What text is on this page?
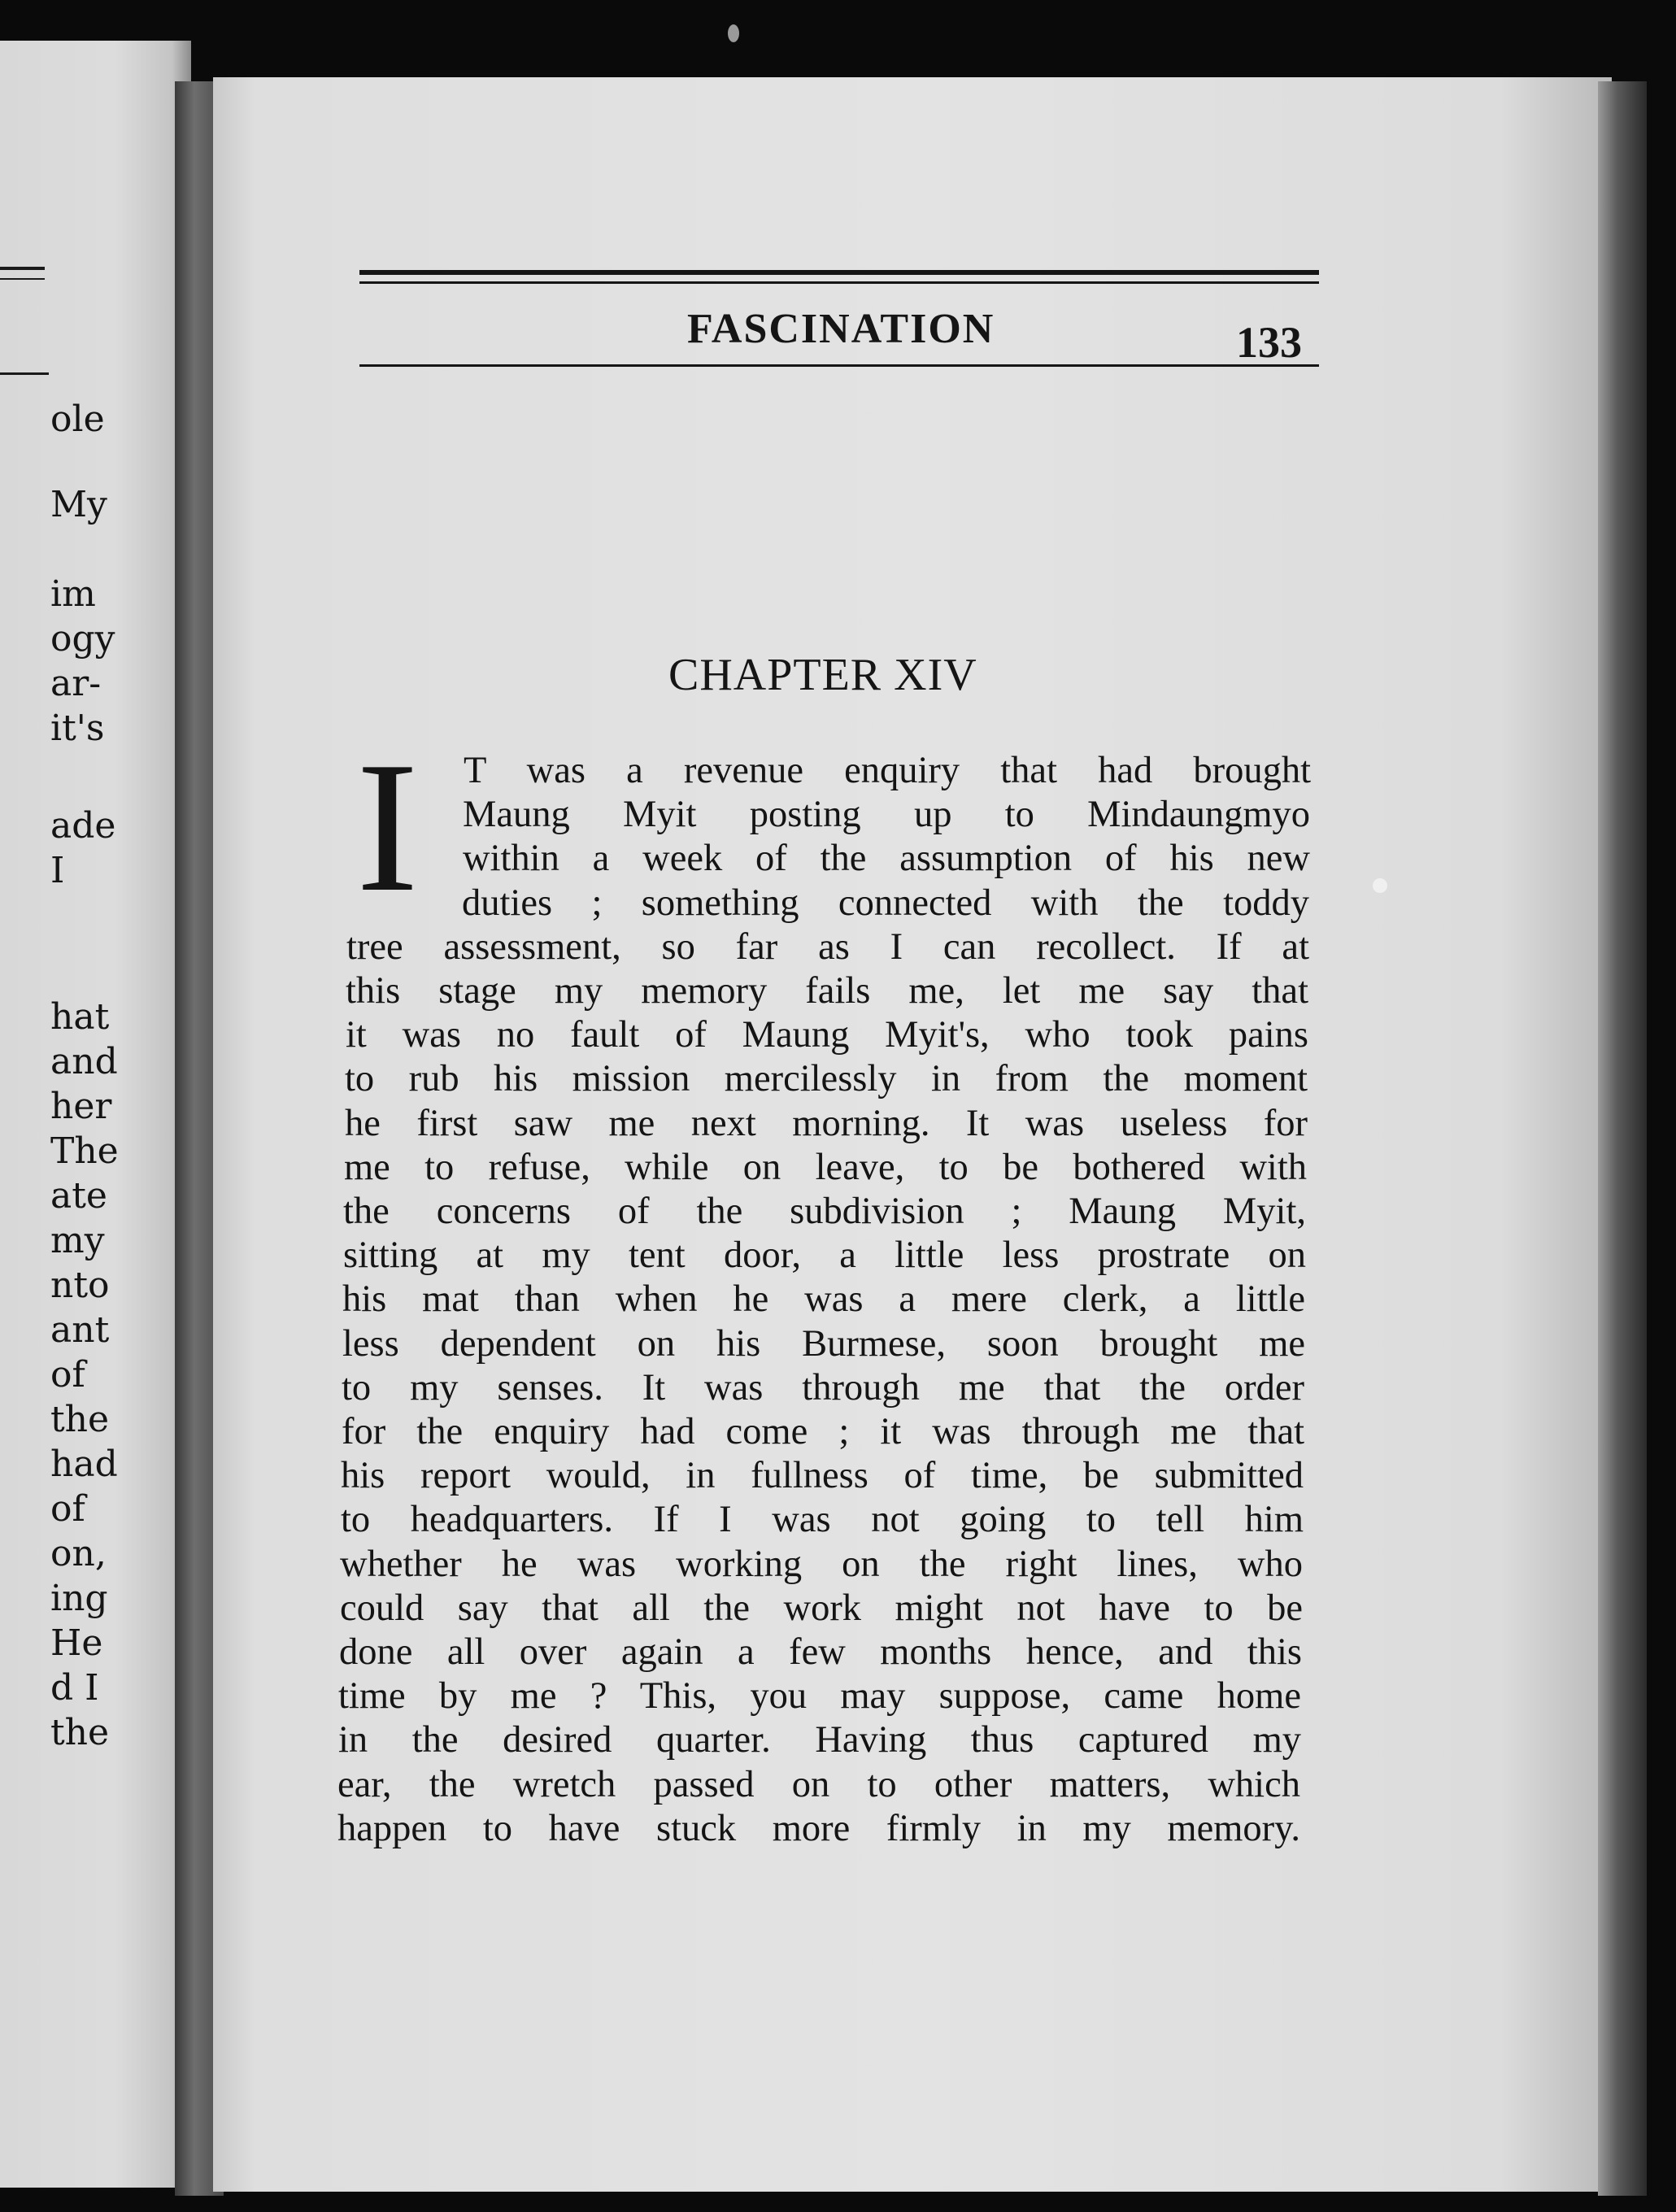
ole
My
im
ogy
ar-
it's
ade
I
hat
and
her
The
ate
my
nto
ant
of
the
had
of
on,
ing
He
d I
the
FASCINATION	133
CHAPTER XIV
I T was a revenue enquiry that had brought
Maung Myit posting up to Mindaungmyo
within a week of the assumption of his new
duties ; something connected with the toddy
tree assessment, so far as I can recollect. If at
this stage my memory fails me, let me say that
it was no fault of Maung Myit's, who took pains
to rub his mission mercilessly in from the moment
he first saw me next morning. It was useless for
me to refuse, while on leave, to be bothered with
the concerns of the subdivision ; Maung Myit,
sitting at my tent door, a little less prostrate on
his mat than when he was a mere clerk, a little
less dependent on his Burmese, soon brought me
to my senses. It was through me that the order
for the enquiry had come ; it was through me that
his report would, in fullness of time, be submitted
to headquarters. If I was not going to tell him
whether he was working on the right lines, who
could say that all the work might not have to be
done all over again a few months hence, and this
time by me ? This, you may suppose, came home
in the desired quarter. Having thus captured my
ear, the wretch passed on to other matters, which
happen to have stuck more firmly in my memory.
